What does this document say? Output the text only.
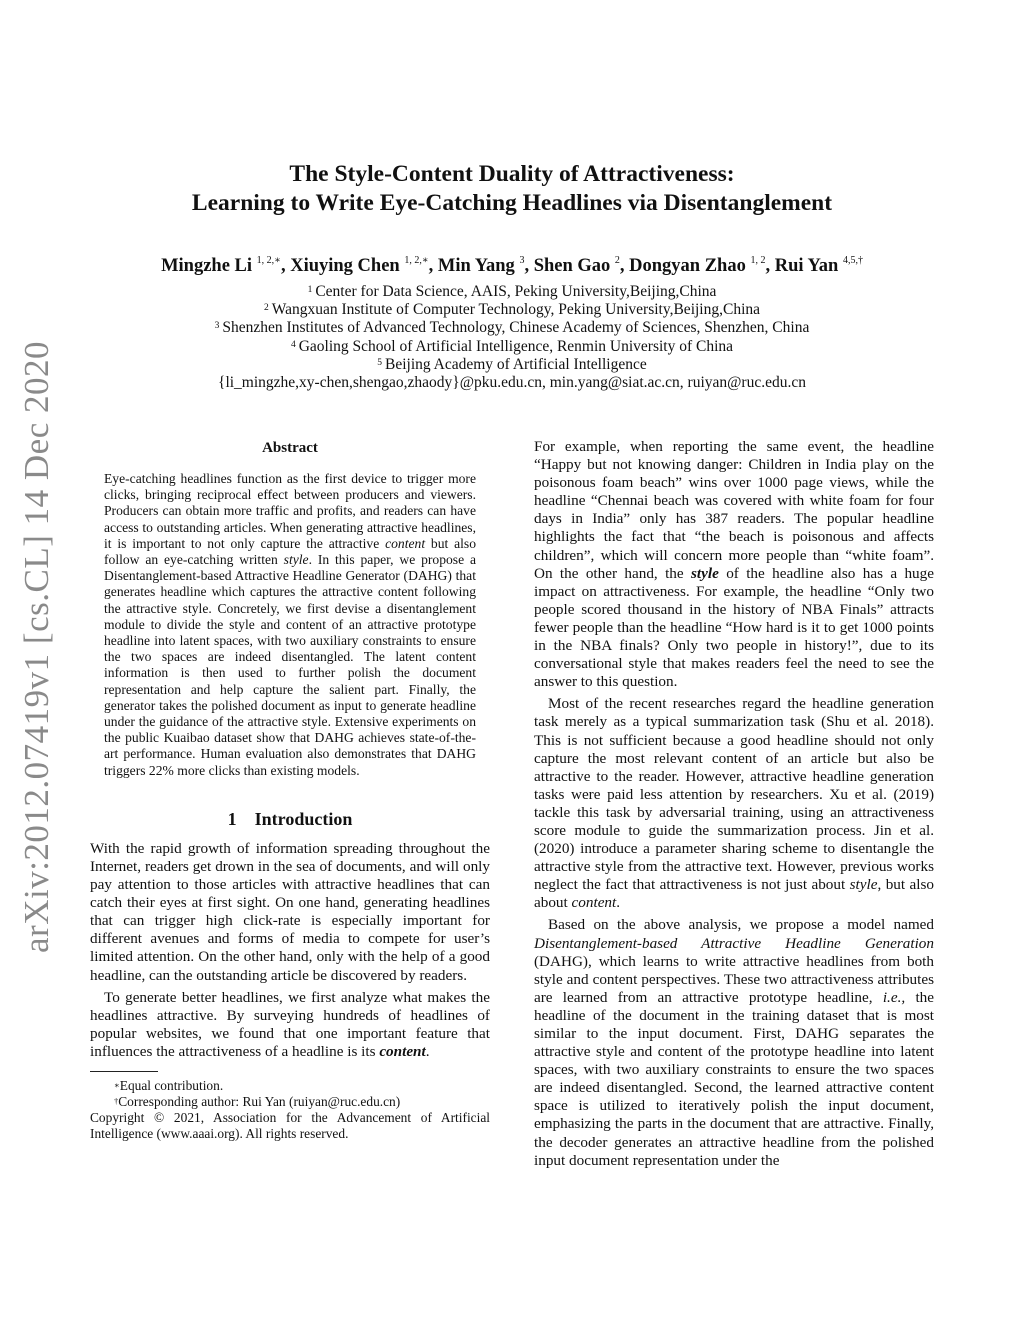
arXiv:2012.07419v1 [cs.CL] 14 Dec 2020
The Style-Content Duality of Attractiveness:
Learning to Write Eye-Catching Headlines via Disentanglement
Mingzhe Li $^{1, 2,∗}$, Xiuying Chen $^{1, 2,∗}$, Min Yang $^3$, Shen Gao $^2$, Dongyan Zhao $^{1, 2}$, Rui Yan $^{4,5,\dagger}$
$^1$ Center for Data Science, AAIS, Peking University,Beijing,China
$^2$ Wangxuan Institute of Computer Technology, Peking University,Beijing,China
$^3$ Shenzhen Institutes of Advanced Technology, Chinese Academy of Sciences, Shenzhen, China
$^4$ Gaoling School of Artificial Intelligence, Renmin University of China
$^5$ Beijing Academy of Artificial Intelligence
{li_mingzhe,xy-chen,shengao,zhaody}@pku.edu.cn, min.yang@siat.ac.cn, ruiyan@ruc.edu.cn
Abstract
Eye-catching headlines function as the first device to trigger more clicks, bringing reciprocal effect between producers and viewers. Producers can obtain more traffic and profits, and readers can have access to outstanding articles. When generating attractive headlines, it is important to not only capture the attractive content but also follow an eye-catching written style. In this paper, we propose a Disentanglement-based Attractive Headline Generator (DAHG) that generates headline which captures the attractive content following the attractive style. Concretely, we first devise a disentanglement module to divide the style and content of an attractive prototype headline into latent spaces, with two auxiliary constraints to ensure the two spaces are indeed disentangled. The latent content information is then used to further polish the document representation and help capture the salient part. Finally, the generator takes the polished document as input to generate headline under the guidance of the attractive style. Extensive experiments on the public Kuaibao dataset show that DAHG achieves state-of-the-art performance. Human evaluation also demonstrates that DAHG triggers 22% more clicks than existing models.
1 Introduction

With the rapid growth of information spreading throughout the Internet, readers get drown in the sea of documents, and will only pay attention to those articles with attractive headlines that can catch their eyes at first sight. On one hand, generating headlines that can trigger high click-rate is especially important for different avenues and forms of media to compete for user’s limited attention. On the other hand, only with the help of a good headline, can the outstanding article be discovered by readers.

To generate better headlines, we first analyze what makes the headlines attractive. By surveying hundreds of headlines of popular websites, we found that one important feature that influences the attractiveness of a headline is its content.

∗Equal contribution.

†Corresponding author: Rui Yan (ruiyan@ruc.edu.cn)

Copyright © 2021, Association for the Advancement of Artificial Intelligence (www.aaai.org). All rights reserved.

For example, when reporting the same event, the headline “Happy but not knowing danger: Children in India play on the poisonous foam beach” wins over 1000 page views, while the headline “Chennai beach was covered with white foam for four days in India” only has 387 readers. The popular headline highlights the fact that “the beach is poisonous and affects children”, which will concern more people than “white foam”. On the other hand, the style of the headline also has a huge impact on attractiveness. For example, the headline “Only two people scored thousand in the history of NBA Finals” attracts fewer people than the headline “How hard is it to get 1000 points in the NBA finals? Only two people in history!”, due to its conversational style that makes readers feel the need to see the answer to this question.

Most of the recent researches regard the headline generation task merely as a typical summarization task (Shu et al. 2018). This is not sufficient because a good headline should not only capture the most relevant content of an article but also be attractive to the reader. However, attractive headline generation tasks were paid less attention by researchers. Xu et al. (2019) tackle this task by adversarial training, using an attractiveness score module to guide the summarization process. Jin et al. (2020) introduce a parameter sharing scheme to disentangle the attractive style from the attractive text. However, previous works neglect the fact that attractiveness is not just about style, but also about content.

Based on the above analysis, we propose a model named Disentanglement-based Attractive Headline Generation (DAHG), which learns to write attractive headlines from both style and content perspectives. These two attractiveness attributes are learned from an attractive prototype headline, i.e., the headline of the document in the training dataset that is most similar to the input document. First, DAHG separates the attractive style and content of the prototype headline into latent spaces, with two auxiliary constraints to ensure the two spaces are indeed disentangled. Second, the learned attractive content space is utilized to iteratively polish the input document, emphasizing the parts in the document that are attractive. Finally, the decoder generates an attractive headline from the polished input document representation under the
